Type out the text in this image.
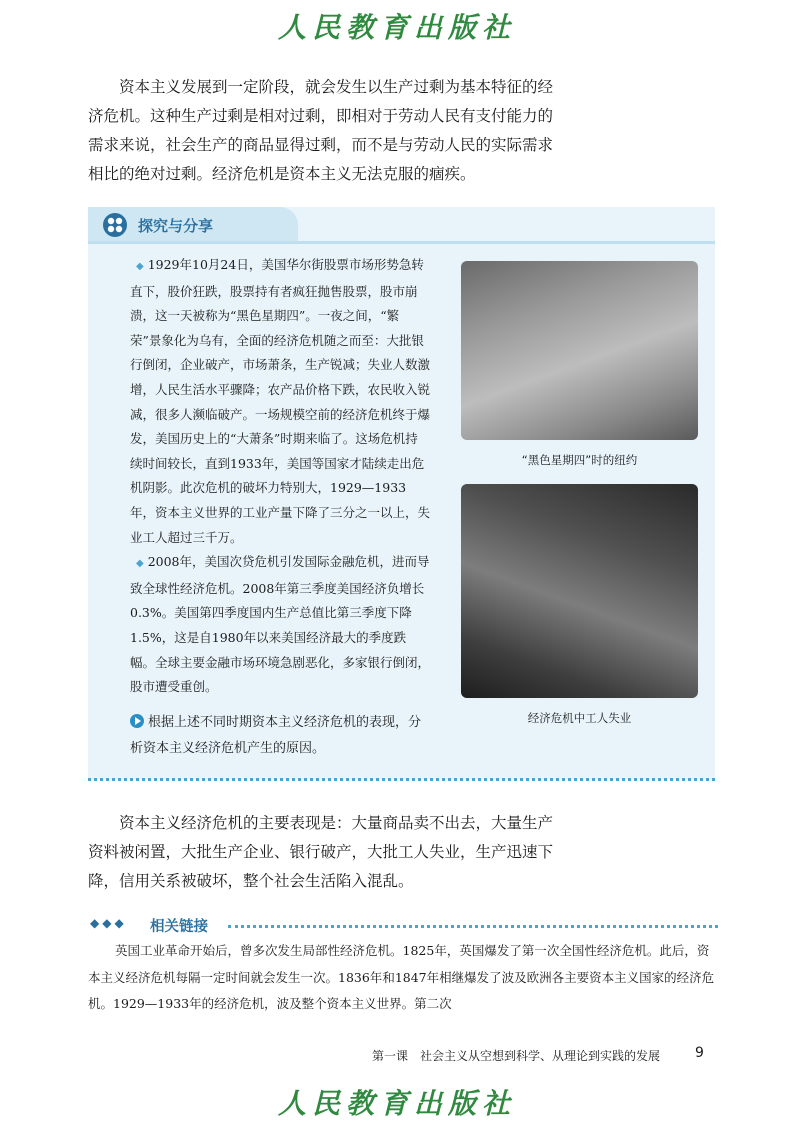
人民教育出版社

资本主义发展到一定阶段，就会发生以生产过剩为基本特征的经济危机。这种生产过剩是相对过剩，即相对于劳动人民有支付能力的需求来说，社会生产的商品显得过剩，而不是与劳动人民的实际需求相比的绝对过剩。经济危机是资本主义无法克服的痼疾。

探究与分享

◆ 1929年10月24日，美国华尔街股票市场形势急转直下，股价狂跌，股票持有者疯狂抛售股票，股市崩溃，这一天被称为“黑色星期四”。一夜之间，“繁荣”景象化为乌有，全面的经济危机随之而至：大批银行倒闭，企业破产，市场萧条，生产锐减；失业人数激增，人民生活水平骤降；农产品价格下跌，农民收入锐减，很多人濒临破产。一场规模空前的经济危机终于爆发，美国历史上的“大萧条”时期来临了。这场危机持续时间较长，直到1933年，美国等国家才陆续走出危机阴影。此次危机的破坏力特别大，1929—1933年，资本主义世界的工业产量下降了三分之一以上，失业工人超过三千万。

◆ 2008年，美国次贷危机引发国际金融危机，进而导致全球性经济危机。2008年第三季度美国经济负增长0.3%。美国第四季度国内生产总值比第三季度下降1.5%，这是自1980年以来美国经济最大的季度跌幅。全球主要金融市场环境急剧恶化，多家银行倒闭，股市遭受重创。

根据上述不同时期资本主义经济危机的表现，分析资本主义经济危机产生的原因。
“黑色星期四”时的纽约
经济危机中工人失业

资本主义经济危机的主要表现是：大量商品卖不出去，大量生产资料被闲置，大批生产企业、银行破产，大批工人失业，生产迅速下降，信用关系被破坏，整个社会生活陷入混乱。

◆◆◆ 相关链接

英国工业革命开始后，曾多次发生局部性经济危机。1825年，英国爆发了第一次全国性经济危机。此后，资本主义经济危机每隔一定时间就会发生一次。1836年和1847年相继爆发了波及欧洲各主要资本主义国家的经济危机。1929—1933年的经济危机，波及整个资本主义世界。第二次

第一课　社会主义从空想到科学、从理论到实践的发展 9
人民教育出版社
